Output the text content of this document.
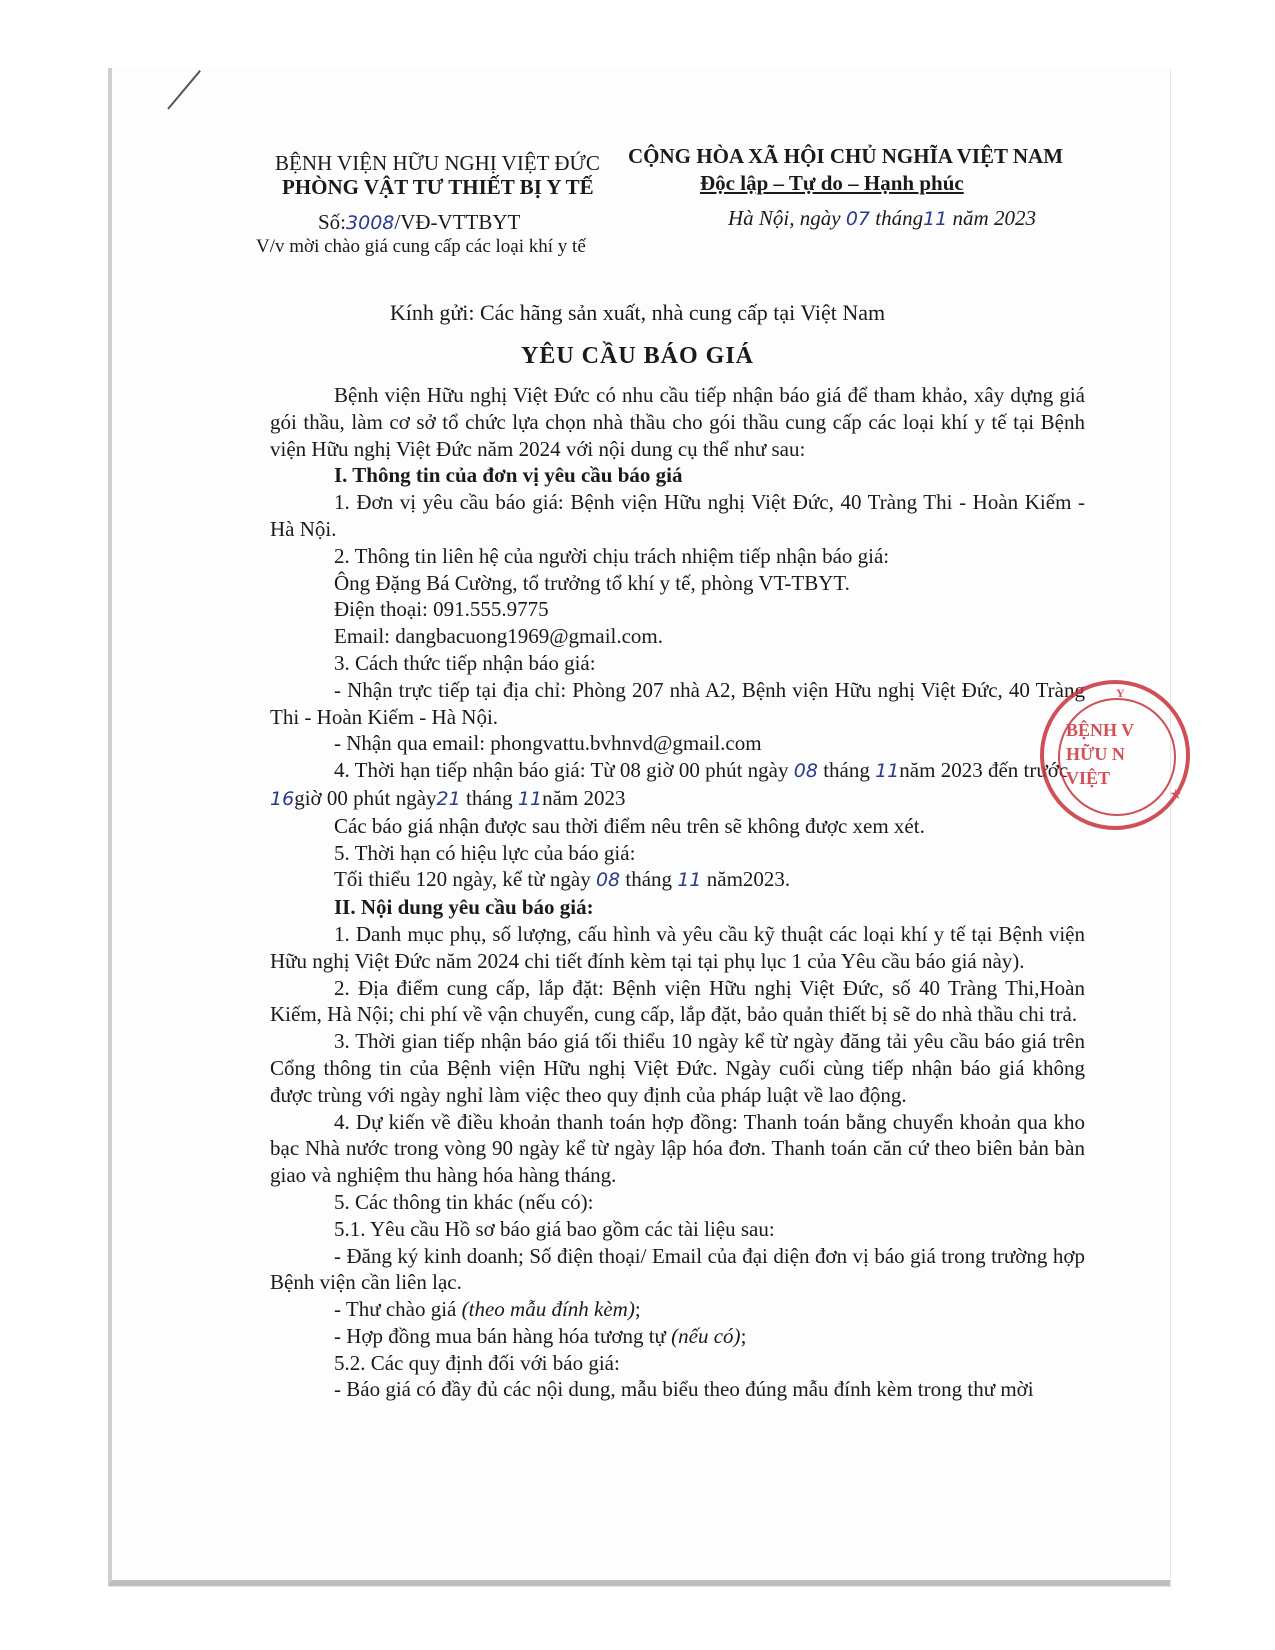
BỆNH VIỆN HỮU NGHỊ VIỆT ĐỨC
PHÒNG VẬT TƯ THIẾT BỊ Y TẾ
Số:3008/VĐ-VTTBYT
V/v mời chào giá cung cấp các loại khí y tế
CỘNG HÒA XÃ HỘI CHỦ NGHĨA VIỆT NAM
Độc lập – Tự do – Hạnh phúc
Hà Nội, ngày 07 tháng11 năm 2023
Kính gửi: Các hãng sản xuất, nhà cung cấp tại Việt Nam
YÊU CẦU BÁO GIÁ

Bệnh viện Hữu nghị Việt Đức có nhu cầu tiếp nhận báo giá để tham khảo, xây dựng giá gói thầu, làm cơ sở tổ chức lựa chọn nhà thầu cho gói thầu cung cấp các loại khí y tế tại Bệnh viện Hữu nghị Việt Đức năm 2024 với nội dung cụ thể như sau:

I. Thông tin của đơn vị yêu cầu báo giá

1. Đơn vị yêu cầu báo giá: Bệnh viện Hữu nghị Việt Đức, 40 Tràng Thi - Hoàn Kiếm - Hà Nội.

2. Thông tin liên hệ của người chịu trách nhiệm tiếp nhận báo giá:

Ông Đặng Bá Cường, tổ trưởng tổ khí y tế, phòng VT-TBYT.

Điện thoại: 091.555.9775

Email: dangbacuong1969@gmail.com.

3. Cách thức tiếp nhận báo giá:

- Nhận trực tiếp tại địa chỉ: Phòng 207 nhà A2, Bệnh viện Hữu nghị Việt Đức, 40 Tràng Thi - Hoàn Kiếm - Hà Nội.

- Nhận qua email: phongvattu.bvhnvd@gmail.com

4. Thời hạn tiếp nhận báo giá: Từ 08 giờ 00 phút ngày 08 tháng 11năm 2023 đến trước 16giờ 00 phút ngày21 tháng 11năm 2023

Các báo giá nhận được sau thời điểm nêu trên sẽ không được xem xét.

5. Thời hạn có hiệu lực của báo giá:

Tối thiểu 120 ngày, kể từ ngày 08 tháng 11 năm2023.

II. Nội dung yêu cầu báo giá:

1. Danh mục phụ, số lượng, cấu hình và yêu cầu kỹ thuật các loại khí y tế tại Bệnh viện Hữu nghị Việt Đức năm 2024 chi tiết đính kèm tại tại phụ lục 1 của Yêu cầu báo giá này).

2. Địa điểm cung cấp, lắp đặt: Bệnh viện Hữu nghị Việt Đức, số 40 Tràng Thi,Hoàn Kiếm, Hà Nội; chi phí về vận chuyển, cung cấp, lắp đặt, bảo quản thiết bị sẽ do nhà thầu chi trả.

3. Thời gian tiếp nhận báo giá tối thiểu 10 ngày kể từ ngày đăng tải yêu cầu báo giá trên Cổng thông tin của Bệnh viện Hữu nghị Việt Đức. Ngày cuối cùng tiếp nhận báo giá không được trùng với ngày nghỉ làm việc theo quy định của pháp luật về lao động.

4. Dự kiến về điều khoản thanh toán hợp đồng: Thanh toán bằng chuyển khoản qua kho bạc Nhà nước trong vòng 90 ngày kể từ ngày lập hóa đơn. Thanh toán căn cứ theo biên bản bàn giao và nghiệm thu hàng hóa hàng tháng.

5. Các thông tin khác (nếu có):

5.1. Yêu cầu Hồ sơ báo giá bao gồm các tài liệu sau:

- Đăng ký kinh doanh; Số điện thoại/ Email của đại diện đơn vị báo giá trong trường hợp Bệnh viện cần liên lạc.

- Thư chào giá (theo mẫu đính kèm);

- Hợp đồng mua bán hàng hóa tương tự (nếu có);

5.2. Các quy định đối với báo giá:

- Báo giá có đầy đủ các nội dung, mẫu biểu theo đúng mẫu đính kèm trong thư mời

Y
BỆNH V
HỮU N
VIỆT
★
